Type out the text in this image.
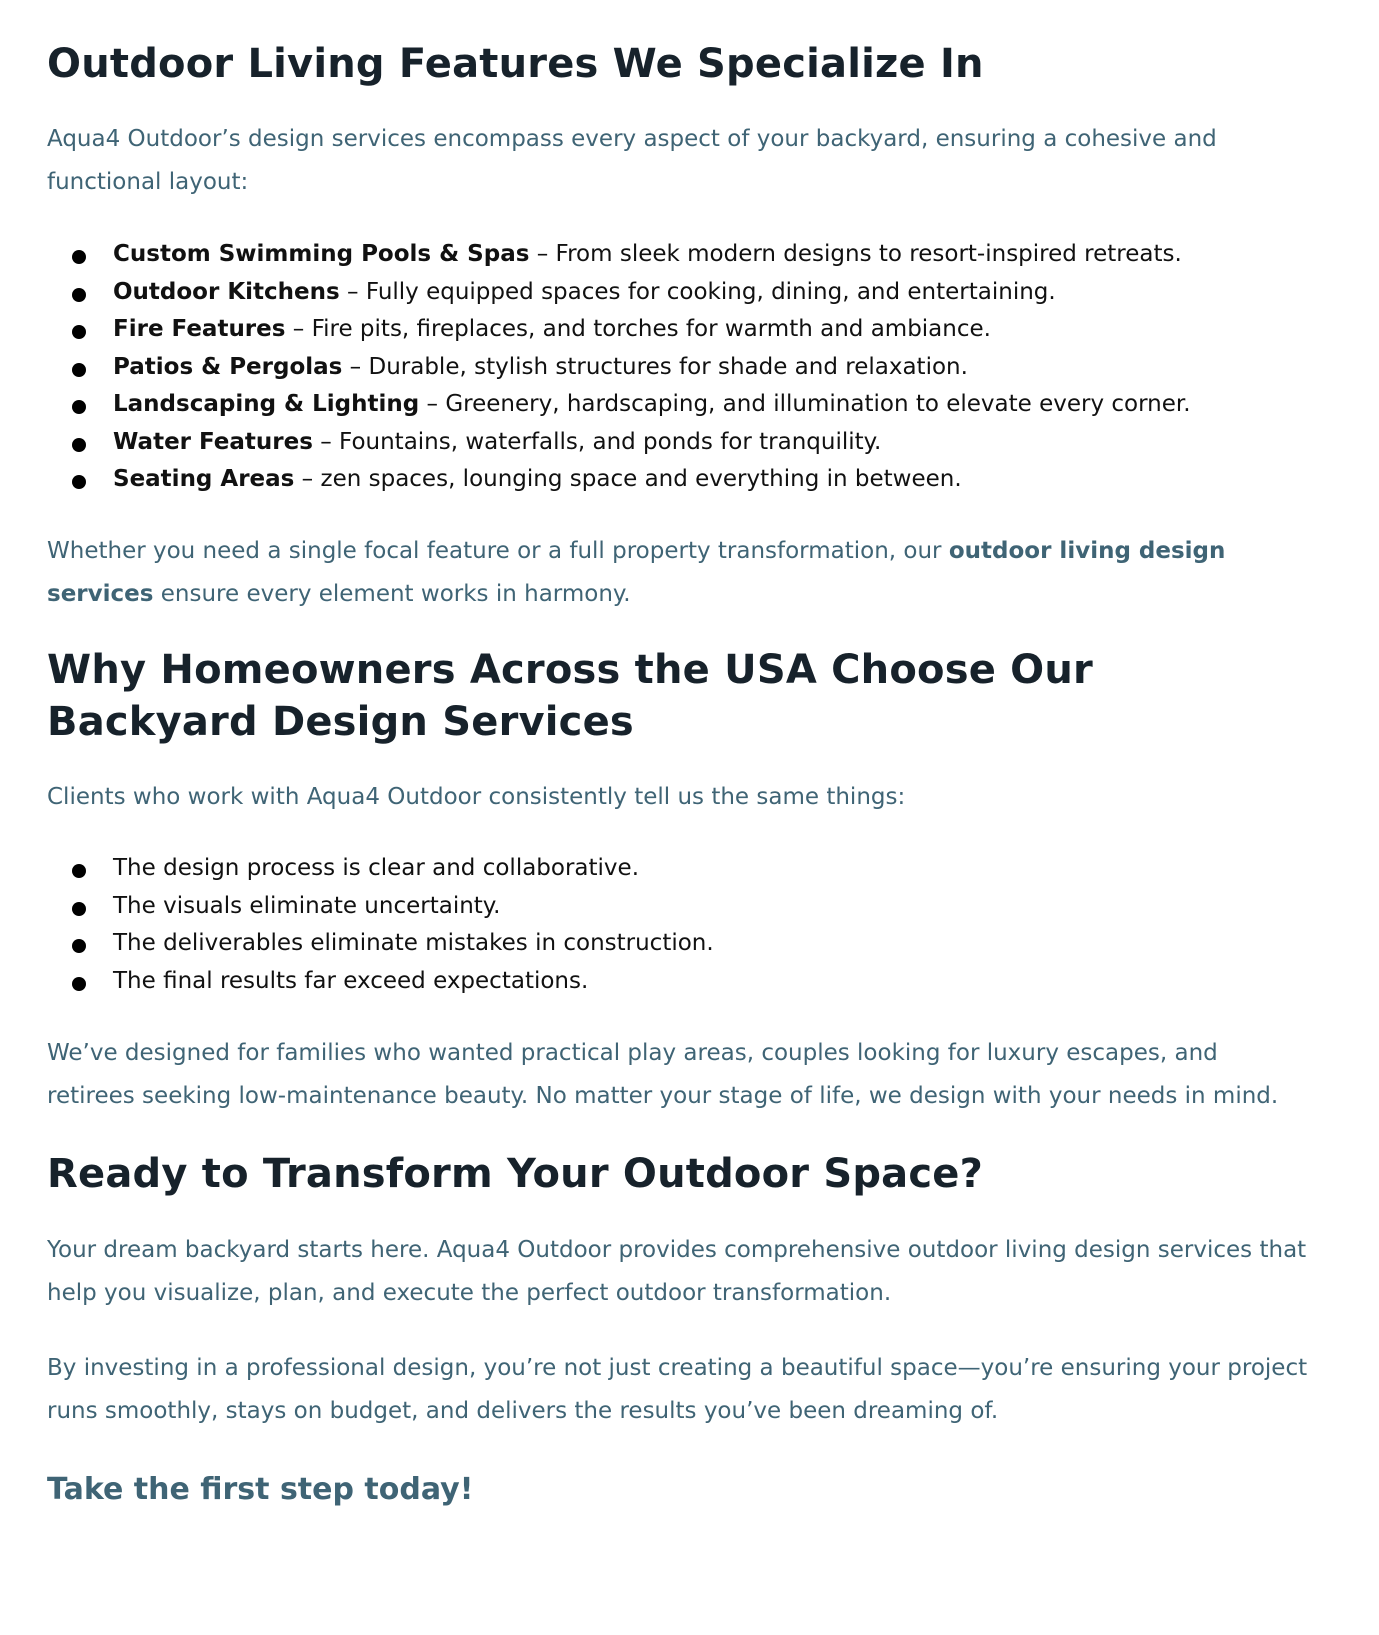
Outdoor Living Features We Specialize In

Aqua4 Outdoor’s design services encompass every aspect of your backyard, ensuring a cohesive and functional layout:

Custom Swimming Pools & Spas – From sleek modern designs to resort-inspired retreats.
Outdoor Kitchens – Fully equipped spaces for cooking, dining, and entertaining.
Fire Features – Fire pits, fireplaces, and torches for warmth and ambiance.
Patios & Pergolas – Durable, stylish structures for shade and relaxation.
Landscaping & Lighting – Greenery, hardscaping, and illumination to elevate every corner.
Water Features – Fountains, waterfalls, and ponds for tranquility.
Seating Areas – zen spaces, lounging space and everything in between.

Whether you need a single focal feature or a full property transformation, our outdoor living design services ensure every element works in harmony.

Why Homeowners Across the USA Choose Our Backyard Design Services

Clients who work with Aqua4 Outdoor consistently tell us the same things:

The design process is clear and collaborative.
The visuals eliminate uncertainty.
The deliverables eliminate mistakes in construction.
The final results far exceed expectations.

We’ve designed for families who wanted practical play areas, couples looking for luxury escapes, and retirees seeking low-maintenance beauty. No matter your stage of life, we design with your needs in mind.

Ready to Transform Your Outdoor Space?

Your dream backyard starts here. Aqua4 Outdoor provides comprehensive outdoor living design services that help you visualize, plan, and execute the perfect outdoor transformation.

By investing in a professional design, you’re not just creating a beautiful space—you’re ensuring your project runs smoothly, stays on budget, and delivers the results you’ve been dreaming of.

Take the first step today!
